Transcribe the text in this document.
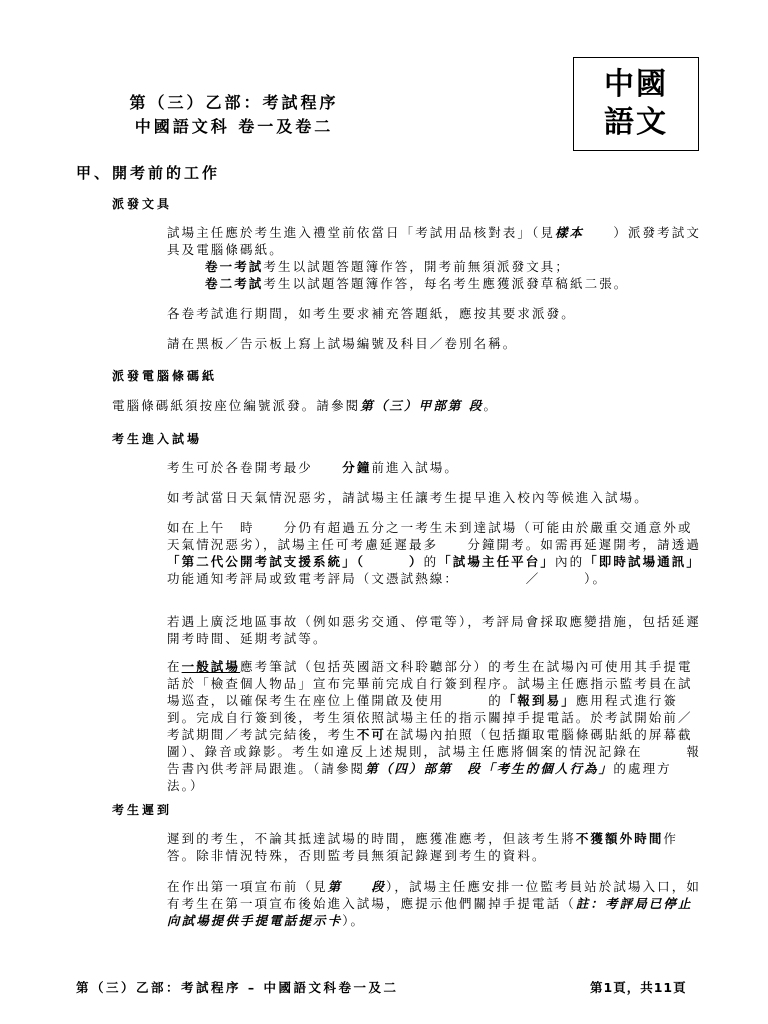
第（三）乙部：考試程序
中國語文科 卷一及卷二
中國
語文
甲、開考前的工作
派發文具
試場主任應於考生進入禮堂前依當日「考試用品核對表」（見樣本　　 ）派發考試文具及電腦條碼紙。
卷一考試考生以試題答題簿作答，開考前無須派發文具；
卷二考試考生以試題答題簿作答，每名考生應獲派發草稿紙二張。
各卷考試進行期間，如考生要求補充答題紙，應按其要求派發。
請在黑板／告示板上寫上試場編號及科目／卷別名稱。
派發電腦條碼紙
電腦條碼紙須按座位編號派發。請參閱第（三）甲部第 段。
考生進入試場
考生可於各卷開考最少　　 分鐘前進入試場。
如考試當日天氣情況惡劣，請試場主任讓考生提早進入校內等候進入試場。
如在上午　時　　分仍有超過五分之一考生未到達試場（可能由於嚴重交通意外或天氣情況惡劣），試場主任可考慮延遲最多　　分鐘開考。如需再延遲開考，請透過「第二代公開考試支援系統」（　　　）的「試場主任平台」內的「即時試場通訊」功能通知考評局或致電考評局（文憑試熱線：　　　　　／　　　）。
若遇上廣泛地區事故（例如惡劣交通、停電等），考評局會採取應變措施，包括延遲開考時間、延期考試等。
在一般試場應考筆試（包括英國語文科聆聽部分）的考生在試場內可使用其手提電話於「檢查個人物品」宣布完畢前完成自行簽到程序。試場主任應指示監考員在試場巡查，以確保考生在座位上僅開啟及使用　　　的「報到易」應用程式進行簽到。完成自行簽到後，考生須依照試場主任的指示關掉手提電話。於考試開始前／考試期間／考試完結後，考生不可在試場內拍照（包括擷取電腦條碼貼紙的屏幕截圖）、錄音或錄影。考生如違反上述規則，試場主任應將個案的情況記錄在　　　報告書內供考評局跟進。（請參閱第（四）部第　段「考生的個人行為」的處理方法。）
考生遲到
遲到的考生，不論其抵達試場的時間，應獲准應考，但該考生將不獲額外時間作答。除非情況特殊，否則監考員無須記錄遲到考生的資料。
在作出第一項宣布前（見第　　段），試場主任應安排一位監考員站於試場入口，如有考生在第一項宣布後始進入試場，應提示他們關掉手提電話（註：考評局已停止向試場提供手提電話提示卡）。
第（三）乙部：考試程序 – 中國語文科卷一及二	第1頁，共11頁
